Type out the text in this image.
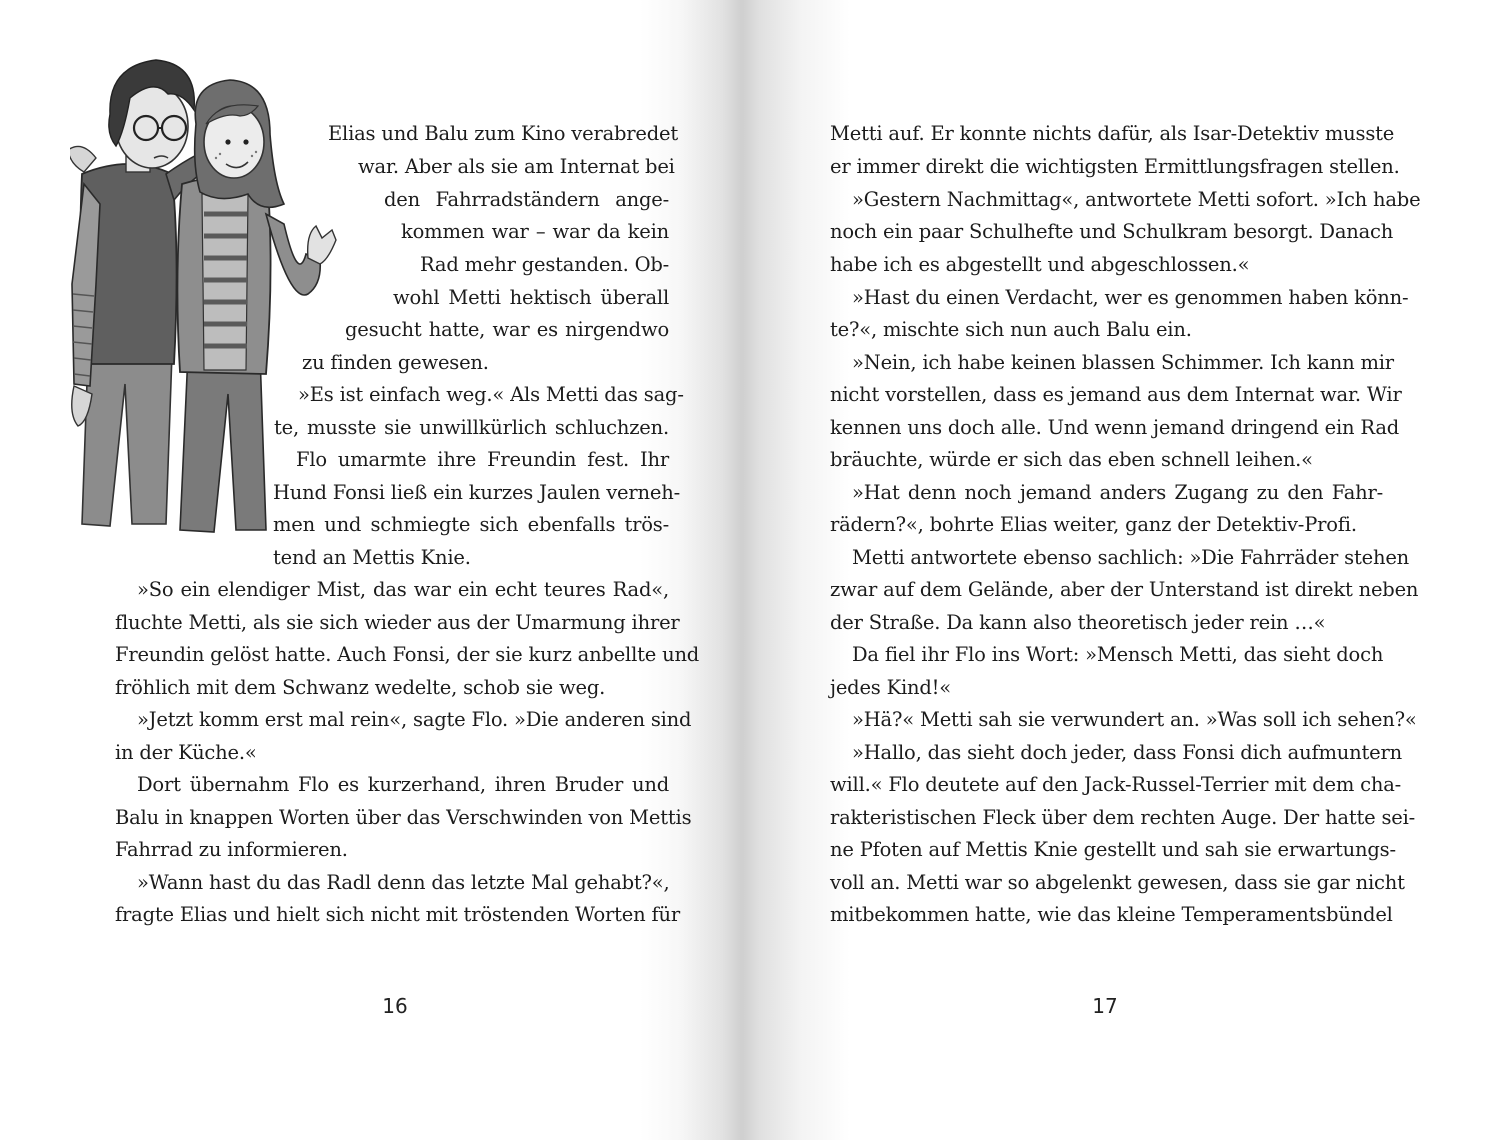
Elias und Balu zum Kino verabredet
war. Aber als sie am Internat bei
den Fahrradständern ange-
kommen war – war da kein
Rad mehr gestanden. Ob-
wohl Metti hektisch überall
gesucht hatte, war es nirgendwo
zu finden gewesen.
»Es ist einfach weg.« Als Metti das sag-
te, musste sie unwillkürlich schluchzen.
Flo umarmte ihre Freundin fest. Ihr
Hund Fonsi ließ ein kurzes Jaulen verneh-
men und schmiegte sich ebenfalls trös-
tend an Mettis Knie.
»So ein elendiger Mist, das war ein echt teures Rad«,
fluchte Metti, als sie sich wieder aus der Umarmung ihrer
Freundin gelöst hatte. Auch Fonsi, der sie kurz anbellte und
fröhlich mit dem Schwanz wedelte, schob sie weg.
»Jetzt komm erst mal rein«, sagte Flo. »Die anderen sind
in der Küche.«
Dort übernahm Flo es kurzerhand, ihren Bruder und
Balu in knappen Worten über das Verschwinden von Mettis
Fahrrad zu informieren.
»Wann hast du das Radl denn das letzte Mal gehabt?«,
fragte Elias und hielt sich nicht mit tröstenden Worten für
16
Metti auf. Er konnte nichts dafür, als Isar-Detektiv musste
er immer direkt die wichtigsten Ermittlungsfragen stellen.
»Gestern Nachmittag«, antwortete Metti sofort. »Ich habe
noch ein paar Schulhefte und Schulkram besorgt. Danach
habe ich es abgestellt und abgeschlossen.«
»Hast du einen Verdacht, wer es genommen haben könn-
te?«, mischte sich nun auch Balu ein.
»Nein, ich habe keinen blassen Schimmer. Ich kann mir
nicht vorstellen, dass es jemand aus dem Internat war. Wir
kennen uns doch alle. Und wenn jemand dringend ein Rad
bräuchte, würde er sich das eben schnell leihen.«
»Hat denn noch jemand anders Zugang zu den Fahr-
rädern?«, bohrte Elias weiter, ganz der Detektiv-Profi.
Metti antwortete ebenso sachlich: »Die Fahrräder stehen
zwar auf dem Gelände, aber der Unterstand ist direkt neben
der Straße. Da kann also theoretisch jeder rein …«
Da fiel ihr Flo ins Wort: »Mensch Metti, das sieht doch
jedes Kind!«
»Hä?« Metti sah sie verwundert an. »Was soll ich sehen?«
»Hallo, das sieht doch jeder, dass Fonsi dich aufmuntern
will.« Flo deutete auf den Jack-Russel-Terrier mit dem cha-
rakteristischen Fleck über dem rechten Auge. Der hatte sei-
ne Pfoten auf Mettis Knie gestellt und sah sie erwartungs-
voll an. Metti war so abgelenkt gewesen, dass sie gar nicht
mitbekommen hatte, wie das kleine Temperamentsbündel
17
